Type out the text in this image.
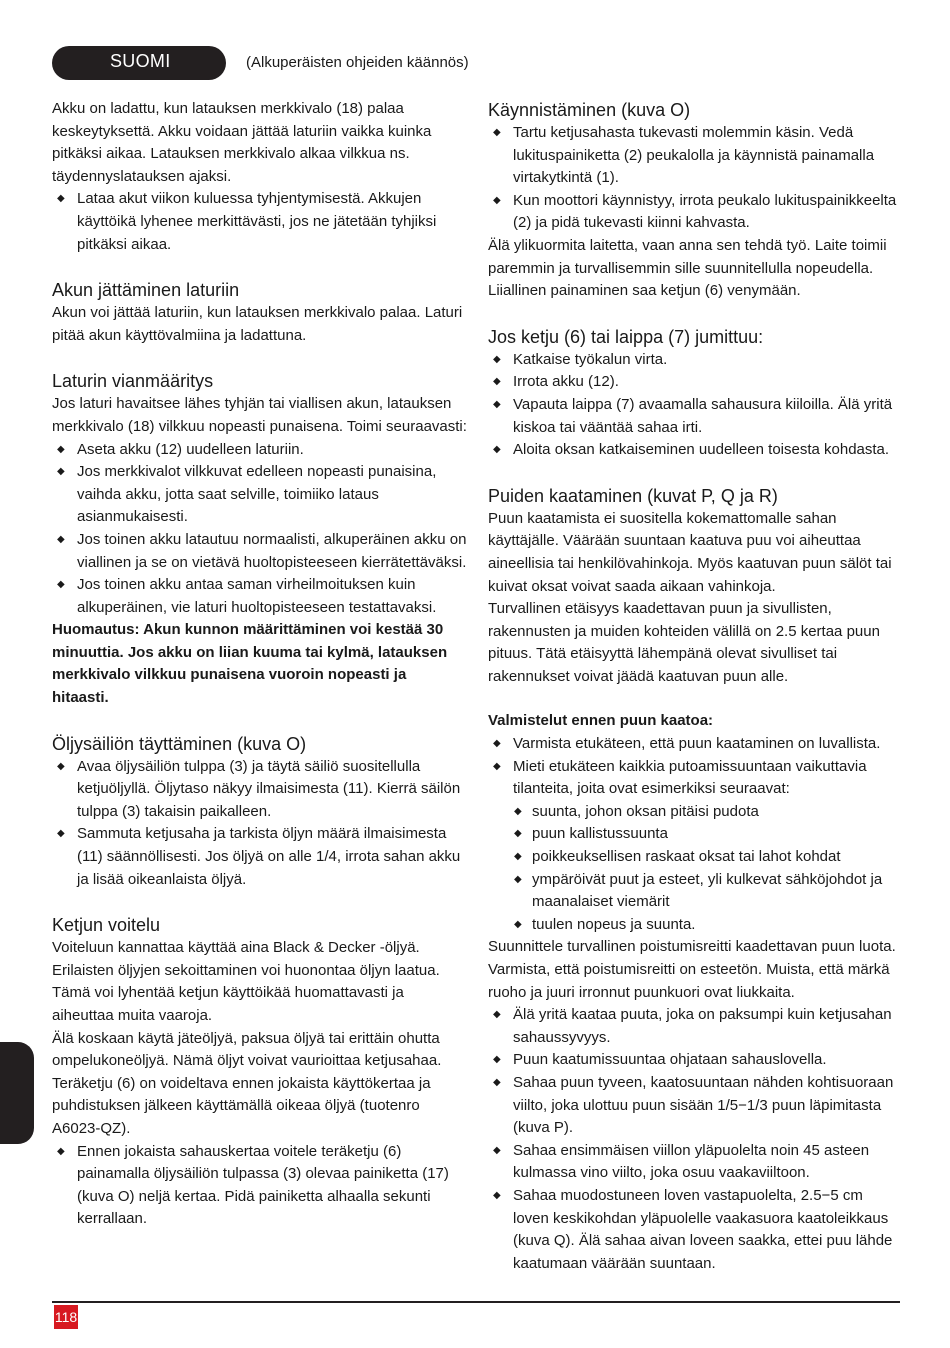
SUOMI	(Alkuperäisten ohjeiden käännös)

Akku on ladattu, kun latauksen merkkivalo (18) palaa keskeytyksettä. Akku voidaan jättää laturiin vaikka kuinka pitkäksi aikaa. Latauksen merkkivalo alkaa vilkkua ns. täydennyslatauksen ajaksi.

◆ Lataa akut viikon kuluessa tyhjentymisestä. Akkujen käyttöikä lyhenee merkittävästi, jos ne jätetään tyhjiksi pitkäksi aikaa.
Akun jättäminen laturiin

Akun voi jättää laturiin, kun latauksen merkkivalo palaa. Laturi pitää akun käyttövalmiina ja ladattuna.

Laturin vianmääritys

Jos laturi havaitsee lähes tyhjän tai viallisen akun, latauksen merkkivalo (18) vilkkuu nopeasti punaisena. Toimi seuraavasti:

◆ Aseta akku (12) uudelleen laturiin.
◆ Jos merkkivalot vilkkuvat edelleen nopeasti punaisina, vaihda akku, jotta saat selville, toimiiko lataus asianmukaisesti.
◆ Jos toinen akku latautuu normaalisti, alkuperäinen akku on viallinen ja se on vietävä huoltopisteeseen kierrätettäväksi.
◆ Jos toinen akku antaa saman virheilmoituksen kuin alkuperäinen, vie laturi huoltopisteeseen testattavaksi.

Huomautus: Akun kunnon määrittäminen voi kestää 30 minuuttia. Jos akku on liian kuuma tai kylmä, latauksen merkkivalo vilkkuu punaisena vuoroin nopeasti ja hitaasti.

Öljysäiliön täyttäminen (kuva O)
◆ Avaa öljysäiliön tulppa (3) ja täytä säiliö suositellulla ketjuöljyllä. Öljytaso näkyy ilmaisimesta (11). Kierrä säilön tulppa (3) takaisin paikalleen.
◆ Sammuta ketjusaha ja tarkista öljyn määrä ilmaisimesta (11) säännöllisesti. Jos öljyä on alle 1/4, irrota sahan akku ja lisää oikeanlaista öljyä.
Ketjun voitelu

Voiteluun kannattaa käyttää aina Black & Decker -öljyä. Erilaisten öljyjen sekoittaminen voi huonontaa öljyn laatua. Tämä voi lyhentää ketjun käyttöikää huomattavasti ja aiheuttaa muita vaaroja.

Älä koskaan käytä jäteöljyä, paksua öljyä tai erittäin ohutta ompelukoneöljyä. Nämä öljyt voivat vaurioittaa ketjusahaa.

Teräketju (6) on voideltava ennen jokaista käyttökertaa ja puhdistuksen jälkeen käyttämällä oikeaa öljyä (tuotenro A6023-QZ).

◆ Ennen jokaista sahauskertaa voitele teräketju (6) painamalla öljysäiliön tulpassa (3) olevaa painiketta (17) (kuva O) neljä kertaa. Pidä painiketta alhaalla sekunti kerrallaan.
Käynnistäminen (kuva O)
◆ Tartu ketjusahasta tukevasti molemmin käsin. Vedä lukituspainiketta (2) peukalolla ja käynnistä painamalla virtakytkintä (1).
◆ Kun moottori käynnistyy, irrota peukalo lukituspainikkeelta (2) ja pidä tukevasti kiinni kahvasta.

Älä ylikuormita laitetta, vaan anna sen tehdä työ. Laite toimii paremmin ja turvallisemmin sille suunnitellulla nopeudella. Liiallinen painaminen saa ketjun (6) venymään.

Jos ketju (6) tai laippa (7) jumittuu:
◆ Katkaise työkalun virta.
◆ Irrota akku (12).
◆ Vapauta laippa (7) avaamalla sahausura kiiloilla. Älä yritä kiskoa tai vääntää sahaa irti.
◆ Aloita oksan katkaiseminen uudelleen toisesta kohdasta.
Puiden kaataminen (kuvat P, Q ja R)

Puun kaatamista ei suositella kokemattomalle sahan käyttäjälle. Väärään suuntaan kaatuva puu voi aiheuttaa aineellisia tai henkilövahinkoja. Myös kaatuvan puun sälöt tai kuivat oksat voivat saada aikaan vahinkoja.

Turvallinen etäisyys kaadettavan puun ja sivullisten, rakennusten ja muiden kohteiden välillä on 2.5 kertaa puun pituus. Tätä etäisyyttä lähempänä olevat sivulliset tai rakennukset voivat jäädä kaatuvan puun alle.

Valmistelut ennen puun kaatoa:
◆ Varmista etukäteen, että puun kaataminen on luvallista.
◆ Mieti etukäteen kaikkia putoamissuuntaan vaikuttavia tilanteita, joita ovat esimerkiksi seuraavat:
◆ suunta, johon oksan pitäisi pudota
◆ puun kallistussuunta
◆ poikkeuksellisen raskaat oksat tai lahot kohdat
◆ ympäröivät puut ja esteet, yli kulkevat sähköjohdot ja maanalaiset viemärit
◆ tuulen nopeus ja suunta.

Suunnittele turvallinen poistumisreitti kaadettavan puun luota. Varmista, että poistumisreitti on esteetön. Muista, että märkä ruoho ja juuri irronnut puunkuori ovat liukkaita.

◆ Älä yritä kaataa puuta, joka on paksumpi kuin ketjusahan sahaussyvyys.
◆ Puun kaatumissuuntaa ohjataan sahauslovella.
◆ Sahaa puun tyveen, kaatosuuntaan nähden kohtisuoraan viilto, joka ulottuu puun sisään 1/5−1/3 puun läpimitasta (kuva P).
◆ Sahaa ensimmäisen viillon yläpuolelta noin 45 asteen kulmassa vino viilto, joka osuu vaakaviiltoon.
◆ Sahaa muodostuneen loven vastapuolelta, 2.5−5 cm loven keskikohdan yläpuolelle vaakasuora kaatoleikkaus (kuva Q). Älä sahaa aivan loveen saakka, ettei puu lähde kaatumaan väärään suuntaan.
118
